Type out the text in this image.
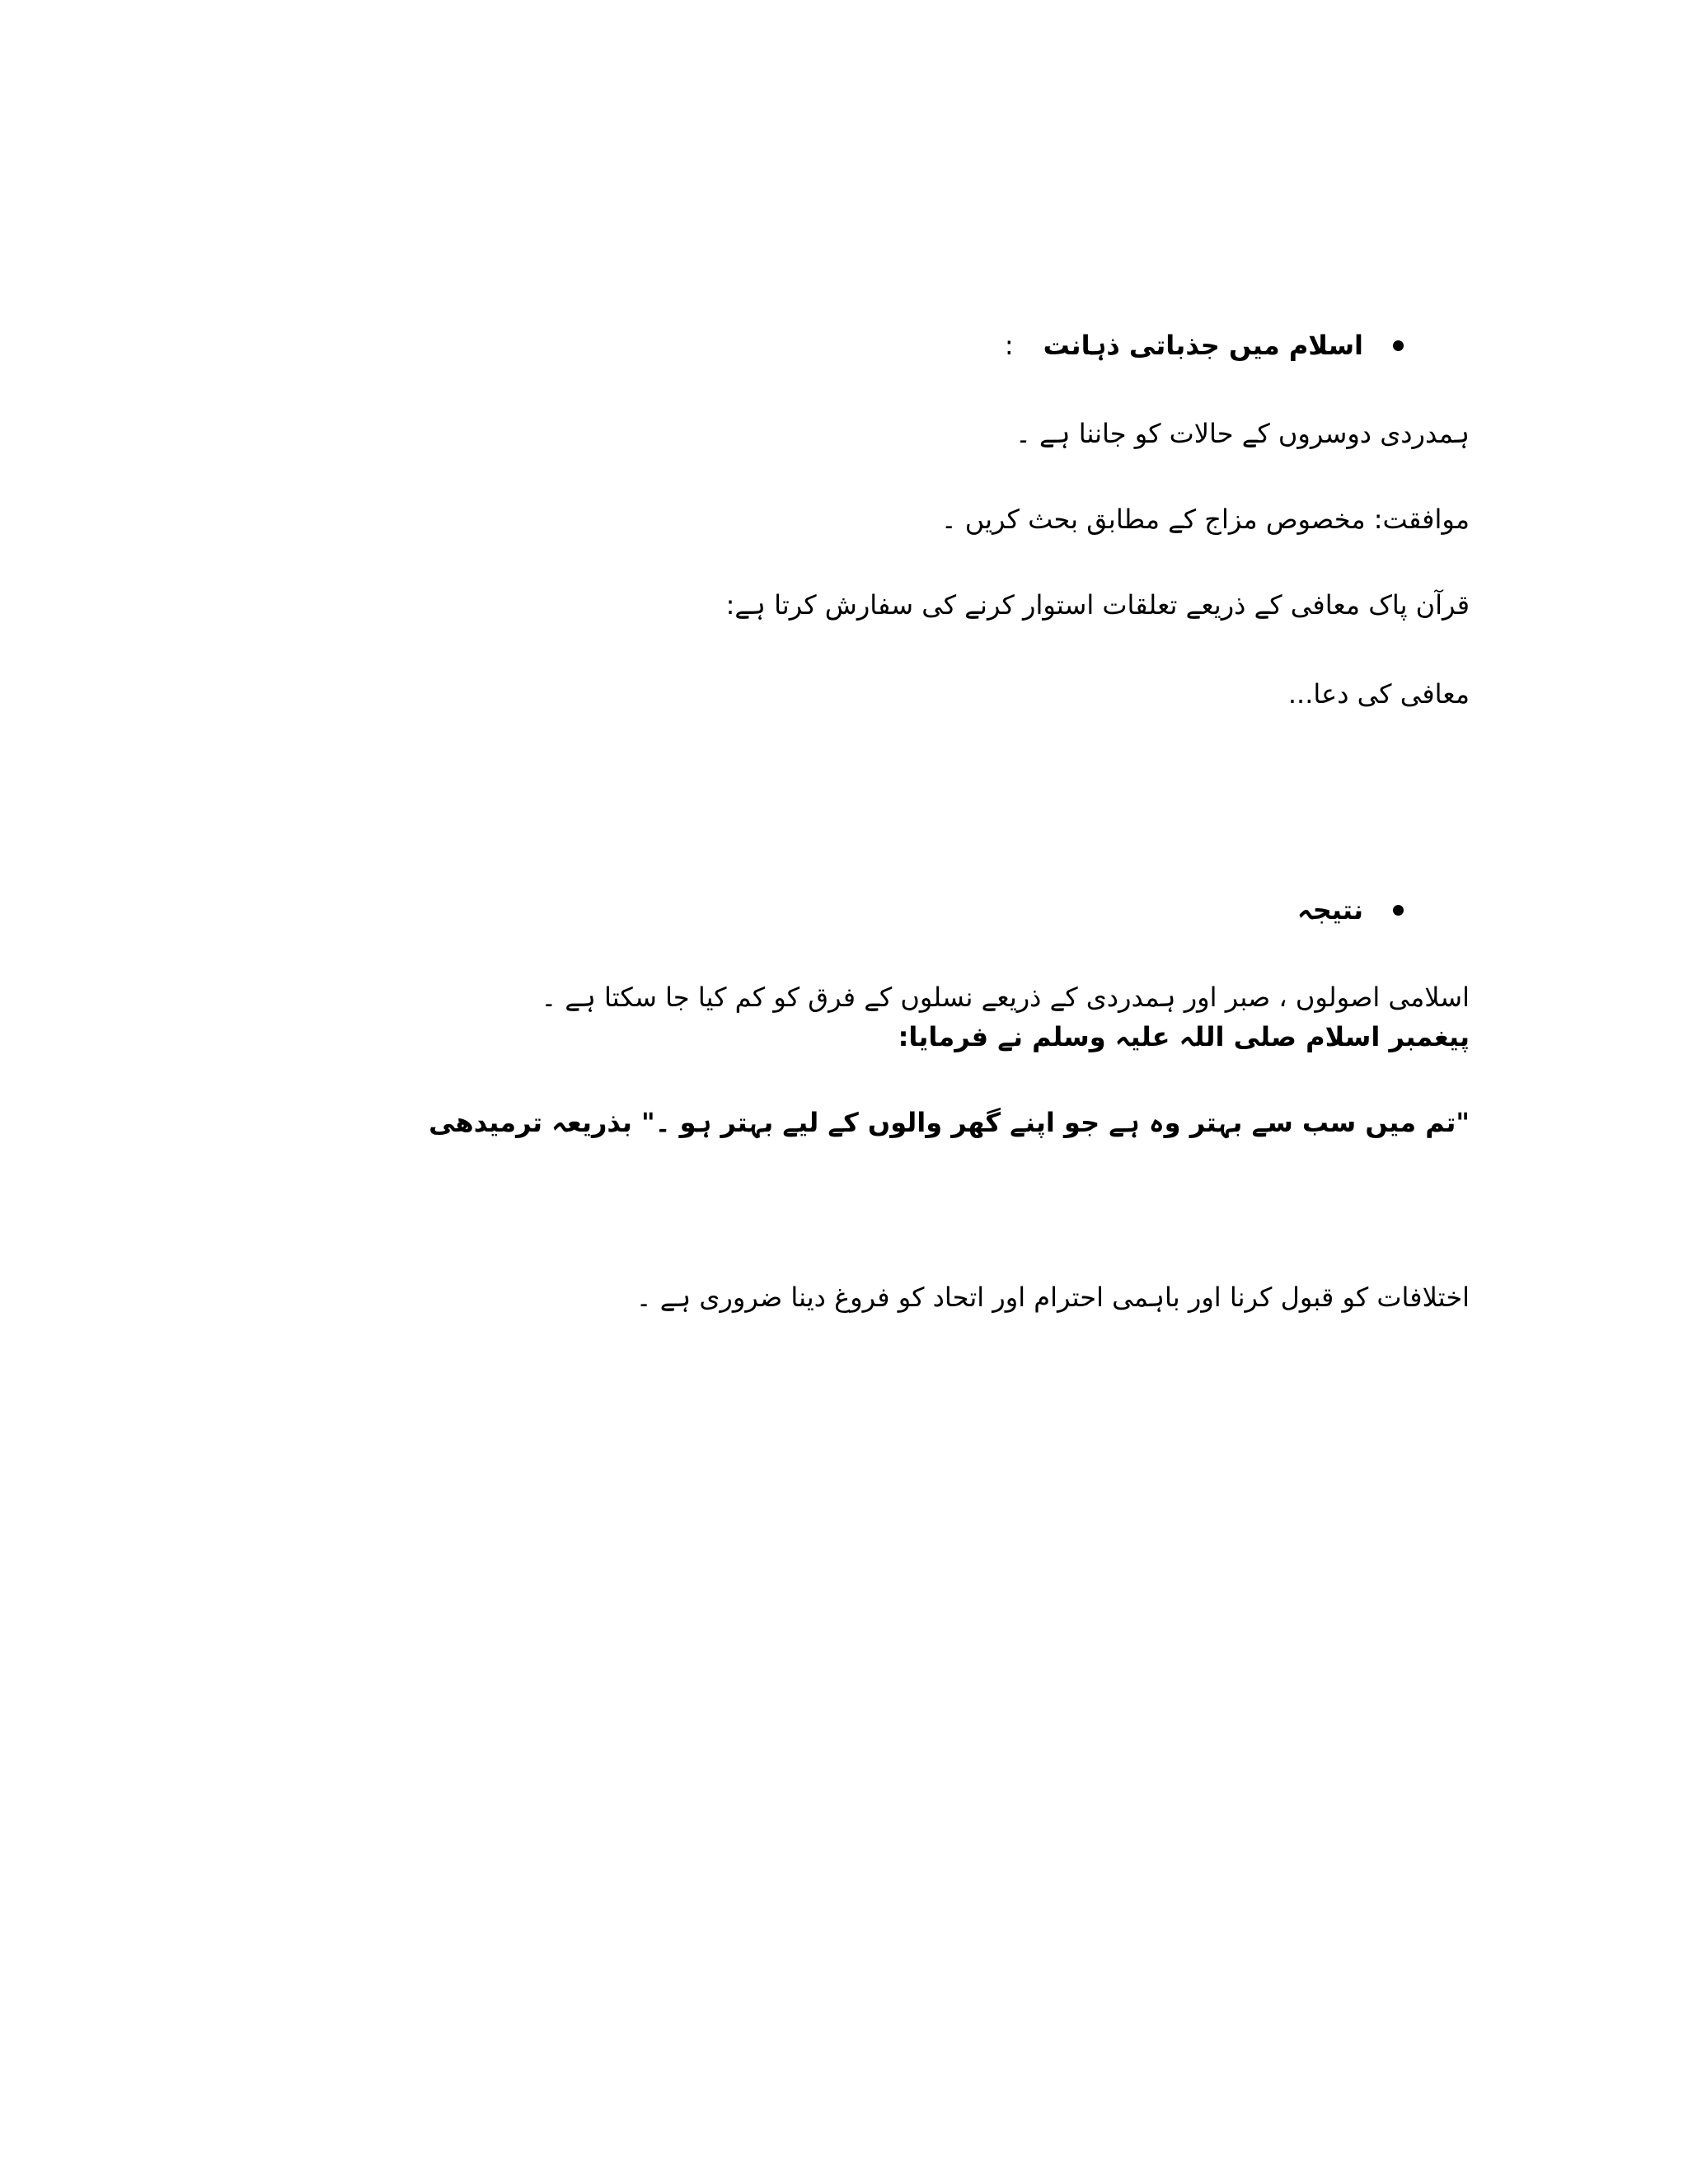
اسلام میں جذباتی ذہانت
:
ہمدردی دوسروں کے حالات کو جاننا ہے ۔
موافقت: مخصوص مزاج کے مطابق بحث کریں ۔
قرآن پاک معافی کے ذریعے تعلقات استوار کرنے کی سفارش کرتا ہے:
معافی کی دعا...
نتیجہ
اسلامی اصولوں ، صبر اور ہمدردی کے ذریعے نسلوں کے فرق کو کم کیا جا سکتا ہے ۔
پیغمبر اسلام صلی اللہ علیہ وسلم نے فرمایا:
"تم میں سب سے بہتر وہ ہے جو اپنے گھر والوں کے لیے بہتر ہو ۔" بذریعہ ترمیدھی
اختلافات کو قبول کرنا اور باہمی احترام اور اتحاد کو فروغ دینا ضروری ہے ۔
